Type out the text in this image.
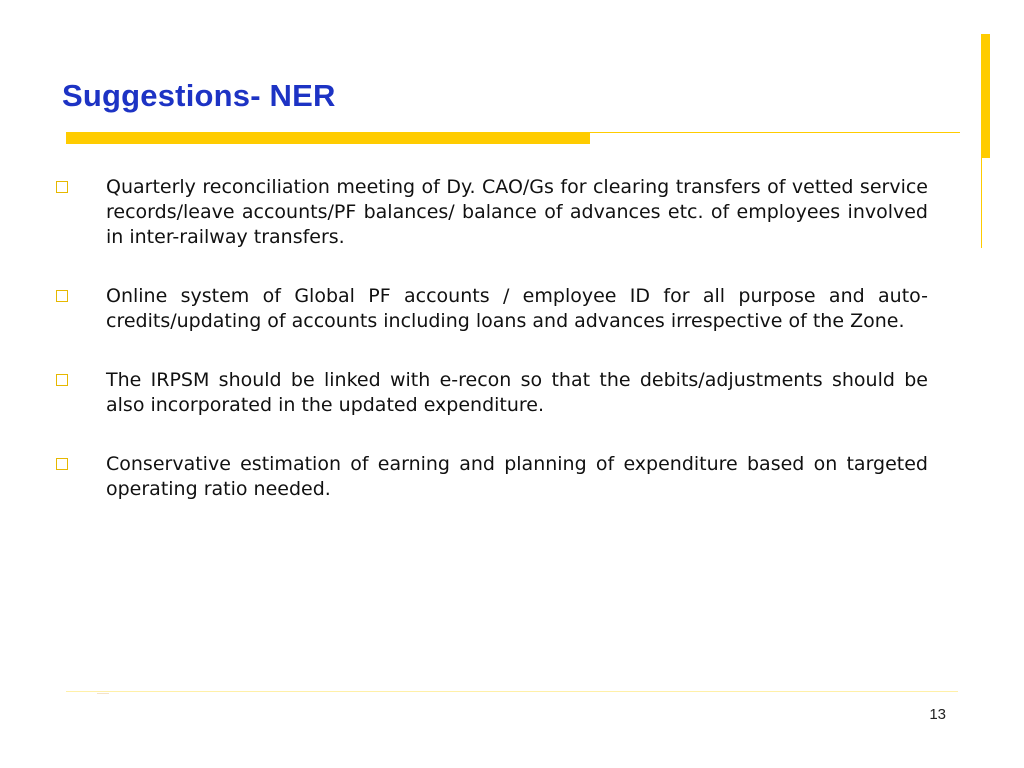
Suggestions- NER
Quarterly reconciliation meeting of Dy. CAO/Gs for clearing transfers of vetted service records/leave accounts/PF balances/ balance of advances etc. of employees involved in inter-railway transfers.
Online system of Global PF accounts / employee ID for all purpose and auto-credits/updating of accounts including loans and advances irrespective of the Zone.
The IRPSM should be linked with e-recon so that the debits/adjustments should be also incorporated in the updated expenditure.
Conservative estimation of earning and planning of expenditure based on targeted operating ratio needed.
13
